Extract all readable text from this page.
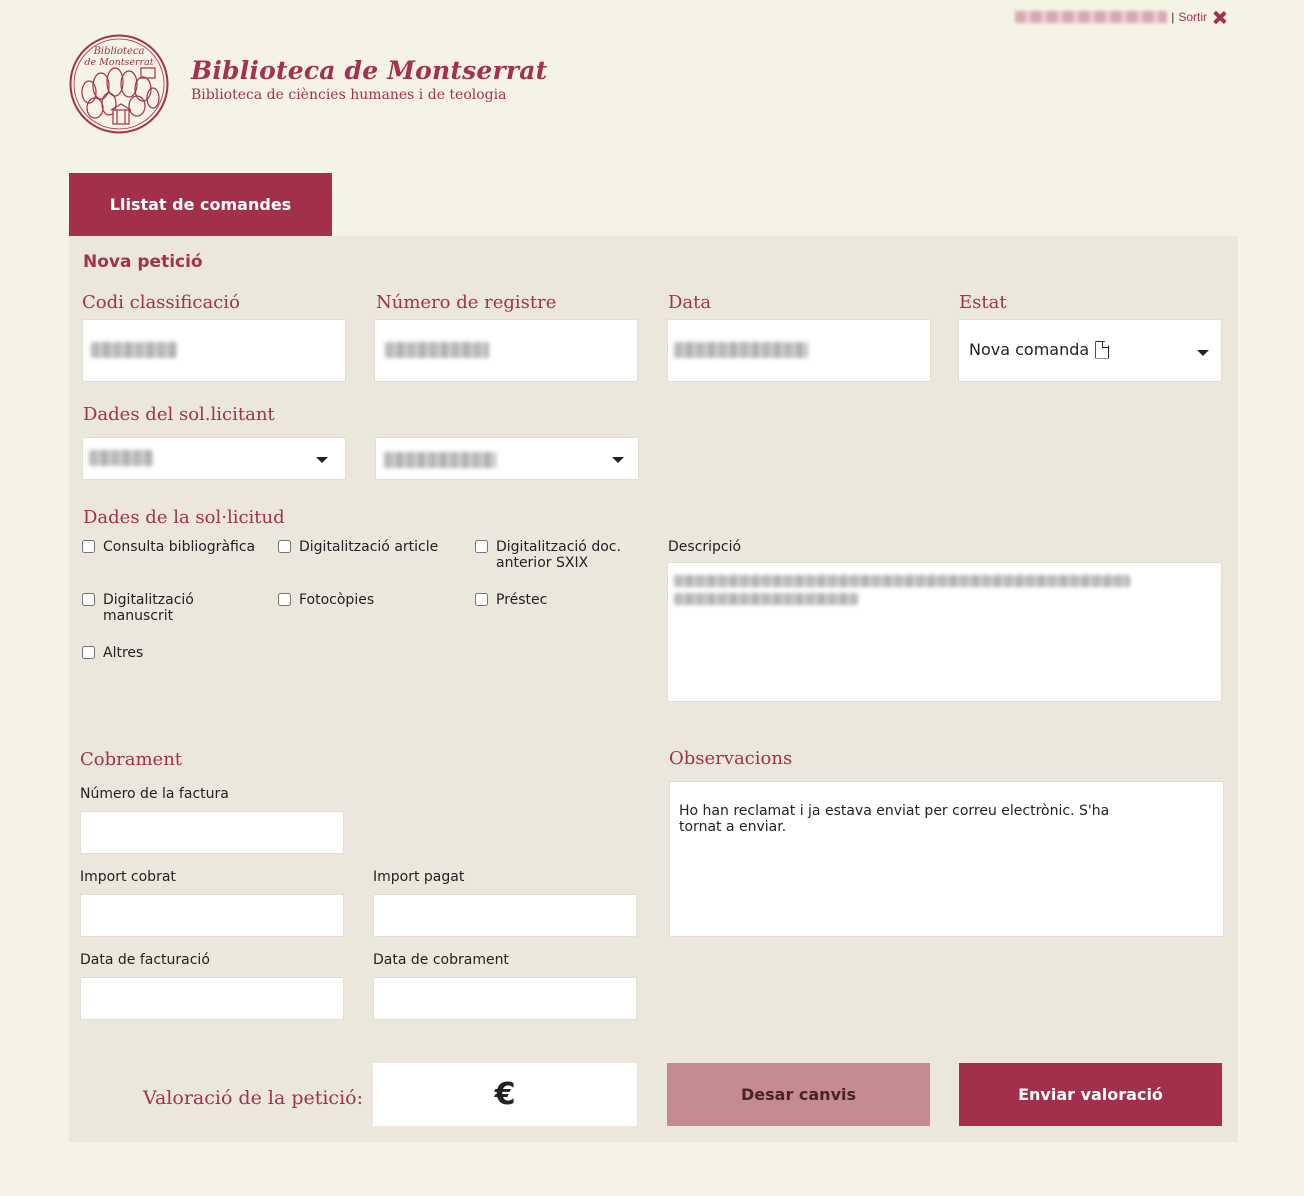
| Sortir
Biblioteca
de Montserrat Biblioteca de Montserrat
Biblioteca de ciències humanes i de teologia
Llistat de comandes
Nova petició
Codi classificació	Número de registre	Data	Estat
Nova comanda
Dades del sol.licitant
Dades de la sol·licitud
Consulta bibliogràfica	Digitalització article	Digitalització doc. anterior SXIX
Digitalització manuscrit
Fotocòpies	Préstec
Altres
Descripció
Cobrament
Número de la factura
Import cobrat	Import pagat
Data de facturació	Data de cobrament
Observacions
Ho han reclamat i ja estava enviat per correu electrònic. S'ha tornat a enviar.
Valoració de la petició:	€	Desar canvis	Enviar valoració
